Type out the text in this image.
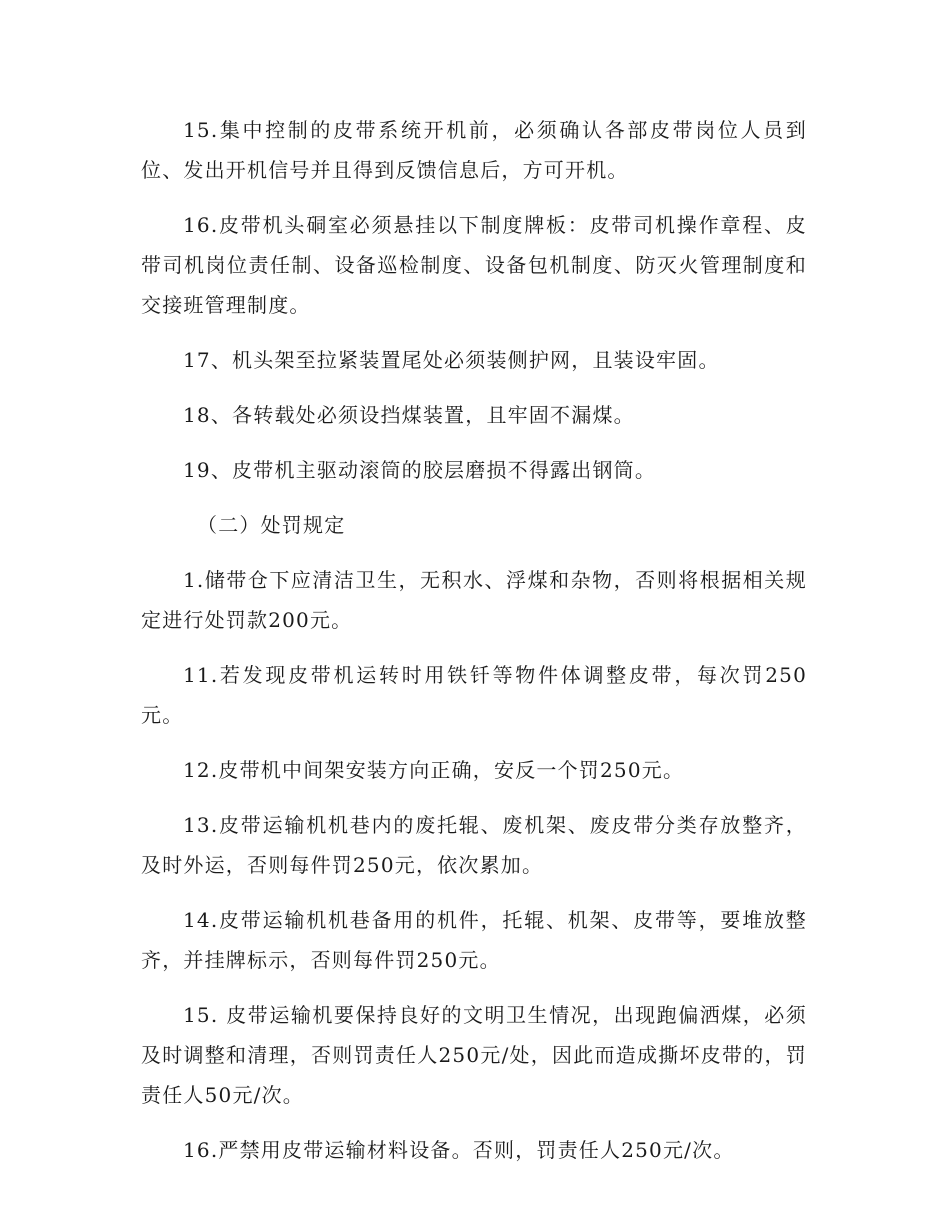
15.集中控制的皮带系统开机前，必须确认各部皮带岗位人员到位、发出开机信号并且得到反馈信息后，方可开机。

16.皮带机头硐室必须悬挂以下制度牌板：皮带司机操作章程、皮带司机岗位责任制、设备巡检制度、设备包机制度、防灭火管理制度和交接班管理制度。

17、机头架至拉紧装置尾处必须装侧护网，且装设牢固。

18、各转载处必须设挡煤装置，且牢固不漏煤。

19、皮带机主驱动滚筒的胶层磨损不得露出钢筒。

（二）处罚规定

1.储带仓下应清洁卫生，无积水、浮煤和杂物，否则将根据相关规定进行处罚款200元。

11.若发现皮带机运转时用铁钎等物件体调整皮带，每次罚250元。

12.皮带机中间架安装方向正确，安反一个罚250元。

13.皮带运输机机巷内的废托辊、废机架、废皮带分类存放整齐，及时外运，否则每件罚250元，依次累加。

14.皮带运输机机巷备用的机件，托辊、机架、皮带等，要堆放整齐，并挂牌标示，否则每件罚250元。

15. 皮带运输机要保持良好的文明卫生情况，出现跑偏洒煤，必须及时调整和清理，否则罚责任人250元/处，因此而造成撕坏皮带的，罚责任人50元/次。

16.严禁用皮带运输材料设备。否则，罚责任人250元/次。
